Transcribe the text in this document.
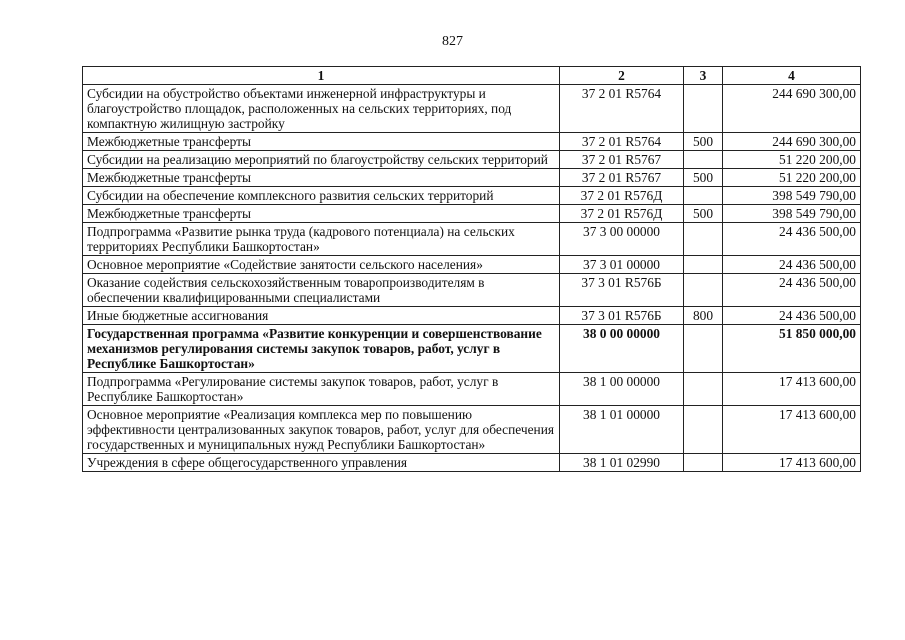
827
1	2	3	4
Субсидии на обустройство объектами инженерной инфраструктуры и благоустройство площадок, расположенных на сельских территориях, под компактную жилищную застройку	37 2 01 R5764		244 690 300,00
Межбюджетные трансферты	37 2 01 R5764	500	244 690 300,00
Субсидии на реализацию мероприятий по благоустройству сельских территорий	37 2 01 R5767		51 220 200,00
Межбюджетные трансферты	37 2 01 R5767	500	51 220 200,00
Субсидии на обеспечение комплексного развития сельских территорий	37 2 01 R576Д		398 549 790,00
Межбюджетные трансферты	37 2 01 R576Д	500	398 549 790,00
Подпрограмма «Развитие рынка труда (кадрового потенциала) на сельских территориях Республики Башкортостан»	37 3 00 00000		24 436 500,00
Основное мероприятие «Содействие занятости сельского населения»	37 3 01 00000		24 436 500,00
Оказание содействия сельскохозяйственным товаропроизводителям в обеспечении квалифицированными специалистами	37 3 01 R576Б		24 436 500,00
Иные бюджетные ассигнования	37 3 01 R576Б	800	24 436 500,00
Государственная программа «Развитие конкуренции и совершенствование механизмов регулирования системы закупок товаров, работ, услуг в Республике Башкортостан»	38 0 00 00000		51 850 000,00
Подпрограмма «Регулирование системы закупок товаров, работ, услуг в Республике Башкортостан»	38 1 00 00000		17 413 600,00
Основное мероприятие «Реализация комплекса мер по повышению эффективности централизованных закупок товаров, работ, услуг для обеспечения государственных и муниципальных нужд Республики Башкортостан»	38 1 01 00000		17 413 600,00
Учреждения в сфере общегосударственного управления	38 1 01 02990		17 413 600,00
